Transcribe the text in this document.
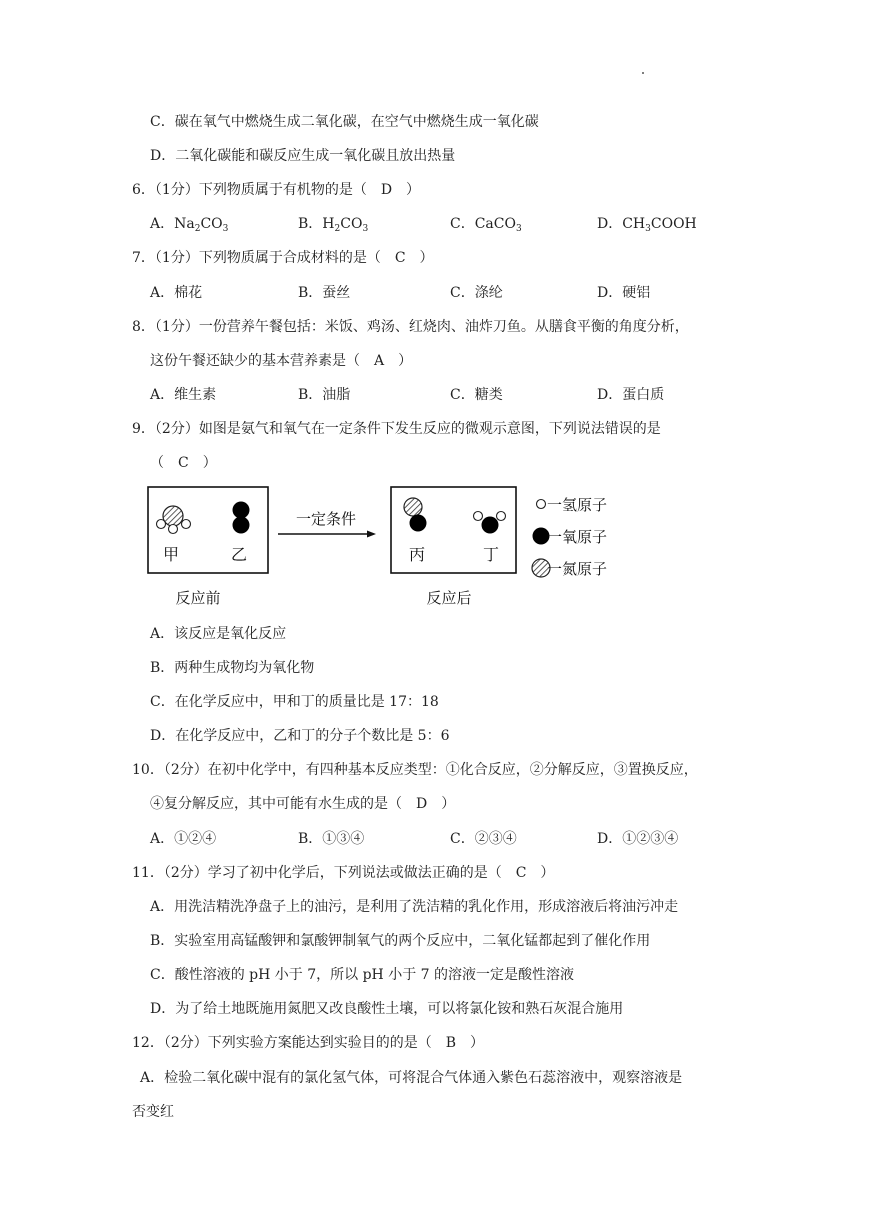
C．碳在氧气中燃烧生成二氧化碳，在空气中燃烧生成一氧化碳
D．二氧化碳能和碳反应生成一氧化碳且放出热量
6．（1分）下列物质属于有机物的是（　D　）
A．$Na_2CO_3$	B．$H_2CO_3$	C．CaCO$_3$	D．$CH_3COOH$
7．（1分）下列物质属于合成材料的是（　C　）
A．棉花	B．蚕丝	C．涤纶	D．硬铝
8．（1分）一份营养午餐包括：米饭、鸡汤、红烧肉、油炸刀鱼。从膳食平衡的角度分析，
这份午餐还缺少的基本营养素是（　A　）
A．维生素	B．油脂	C．糖类	D．蛋白质
9．（2分）如图是氨气和氧气在一定条件下发生反应的微观示意图，下列说法错误的是
（　C　）
甲	乙
一定条件
丙	丁
反应前	反应后
一氢原子
一氧原子
一氮原子
A．该反应是氧化反应
B．两种生成物均为氧化物
C．在化学反应中，甲和丁的质量比是 17：18
D．在化学反应中，乙和丁的分子个数比是 5：6
10．（2分）在初中化学中，有四种基本反应类型：①化合反应，②分解反应，③置换反应，
④复分解反应，其中可能有水生成的是（　D　）
A．①②④	B．①③④	C．②③④	D．①②③④
11．（2分）学习了初中化学后，下列说法或做法正确的是（　C　）
A．用洗洁精洗净盘子上的油污，是利用了洗洁精的乳化作用，形成溶液后将油污冲走
B．实验室用高锰酸钾和氯酸钾制氧气的两个反应中，二氧化锰都起到了催化作用
C．酸性溶液的 pH 小于 7，所以 pH 小于 7 的溶液一定是酸性溶液
D．为了给土地既施用氮肥又改良酸性土壤，可以将氯化铵和熟石灰混合施用
12．（2分）下列实验方案能达到实验目的的是（　B　）
A．检验二氧化碳中混有的氯化氢气体，可将混合气体通入紫色石蕊溶液中，观察溶液是
否变红
